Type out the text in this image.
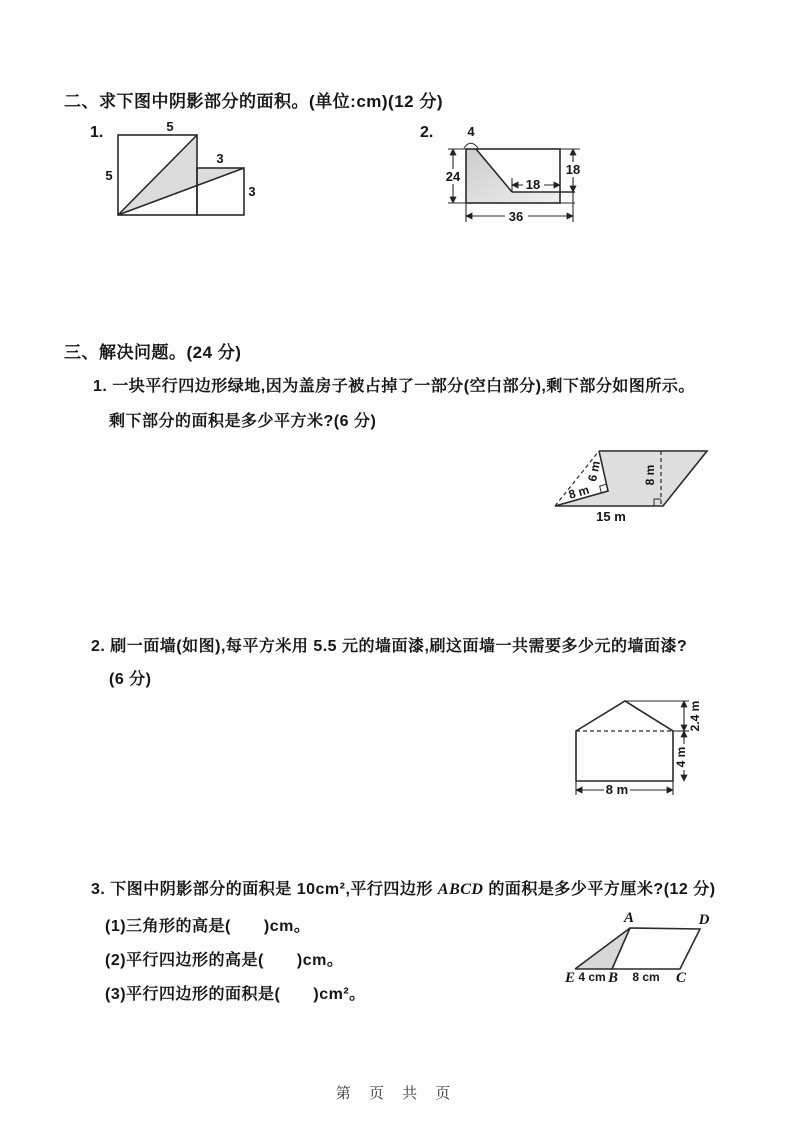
二、求下图中阴影部分的面积。(单位:cm)(12 分)
1.	5
5
3
3
2.	4
24
18
18
36
三、解决问题。(24 分)
1. 一块平行四边形绿地,因为盖房子被占掉了一部分(空白部分),剩下部分如图所示。
剩下部分的面积是多少平方米?(6 分)
8 m
6 m	8 m
15 m
2. 刷一面墙(如图),每平方米用 5.5 元的墙面漆,刷这面墙一共需要多少元的墙面漆?
(6 分)
2.4 m
4 m
8 m
3. 下图中阴影部分的面积是 10cm²,平行四边形 ABCD 的面积是多少平方厘米?(12 分)
(1)三角形的高是(　　)cm。
(2)平行四边形的高是(　　)cm。
(3)平行四边形的面积是(　　)cm²。
A	D
E B	C
4 cm 8 cm
第 页 共 页
